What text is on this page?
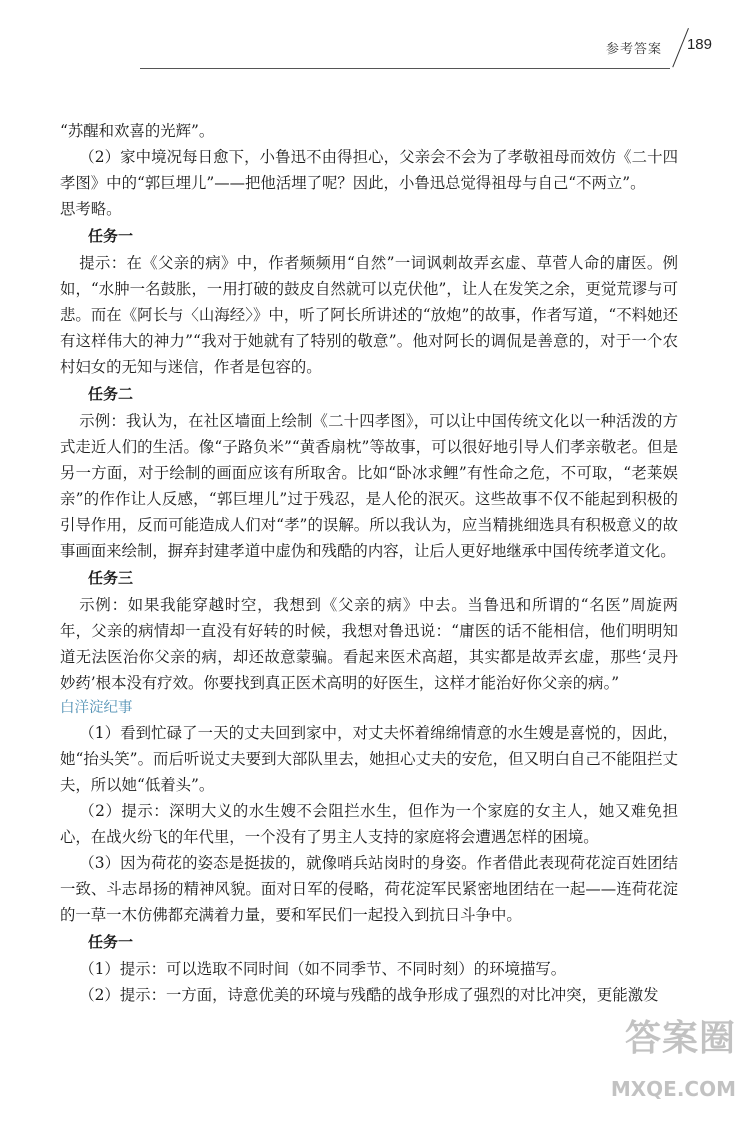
参考答案 189

“苏醒和欢喜的光辉”。

（2）家中境况每日愈下，小鲁迅不由得担心，父亲会不会为了孝敬祖母而效仿《二十四孝图》中的“郭巨埋儿”——把他活埋了呢？因此，小鲁迅总觉得祖母与自己“不两立”。

思考略。

任务一

提示：在《父亲的病》中，作者频频用“自然”一词讽刺故弄玄虚、草菅人命的庸医。例如，“水肿一名鼓胀，一用打破的鼓皮自然就可以克伏他”，让人在发笑之余，更觉荒谬与可悲。而在《阿长与〈山海经〉》中，听了阿长所讲述的“放炮”的故事，作者写道，“不料她还有这样伟大的神力”“我对于她就有了特别的敬意”。他对阿长的调侃是善意的，对于一个农村妇女的无知与迷信，作者是包容的。

任务二

示例：我认为，在社区墙面上绘制《二十四孝图》，可以让中国传统文化以一种活泼的方式走近人们的生活。像“子路负米”“黄香扇枕”等故事，可以很好地引导人们孝亲敬老。但是另一方面，对于绘制的画面应该有所取舍。比如“卧冰求鲤”有性命之危，不可取，“老莱娱亲”的作作让人反感，“郭巨埋儿”过于残忍，是人伦的泯灭。这些故事不仅不能起到积极的引导作用，反而可能造成人们对“孝”的误解。所以我认为，应当精挑细选具有积极意义的故事画面来绘制，摒弃封建孝道中虚伪和残酷的内容，让后人更好地继承中国传统孝道文化。

任务三

示例：如果我能穿越时空，我想到《父亲的病》中去。当鲁迅和所谓的“名医”周旋两年，父亲的病情却一直没有好转的时候，我想对鲁迅说：“庸医的话不能相信，他们明明知道无法医治你父亲的病，却还故意蒙骗。看起来医术高超，其实都是故弄玄虚，那些‘灵丹妙药’根本没有疗效。你要找到真正医术高明的好医生，这样才能治好你父亲的病。”

白洋淀纪事

（1）看到忙碌了一天的丈夫回到家中，对丈夫怀着绵绵情意的水生嫂是喜悦的，因此，她“抬头笑”。而后听说丈夫要到大部队里去，她担心丈夫的安危，但又明白自己不能阻拦丈夫，所以她“低着头”。

（2）提示：深明大义的水生嫂不会阻拦水生，但作为一个家庭的女主人，她又难免担心，在战火纷飞的年代里，一个没有了男主人支持的家庭将会遭遇怎样的困境。

（3）因为荷花的姿态是挺拔的，就像哨兵站岗时的身姿。作者借此表现荷花淀百姓团结一致、斗志昂扬的精神风貌。面对日军的侵略，荷花淀军民紧密地团结在一起——连荷花淀的一草一木仿佛都充满着力量，要和军民们一起投入到抗日斗争中。

任务一

（1）提示：可以选取不同时间（如不同季节、不同时刻）的环境描写。

（2）提示：一方面，诗意优美的环境与残酷的战争形成了强烈的对比冲突，更能激发

答案圈
MXQE.COM
